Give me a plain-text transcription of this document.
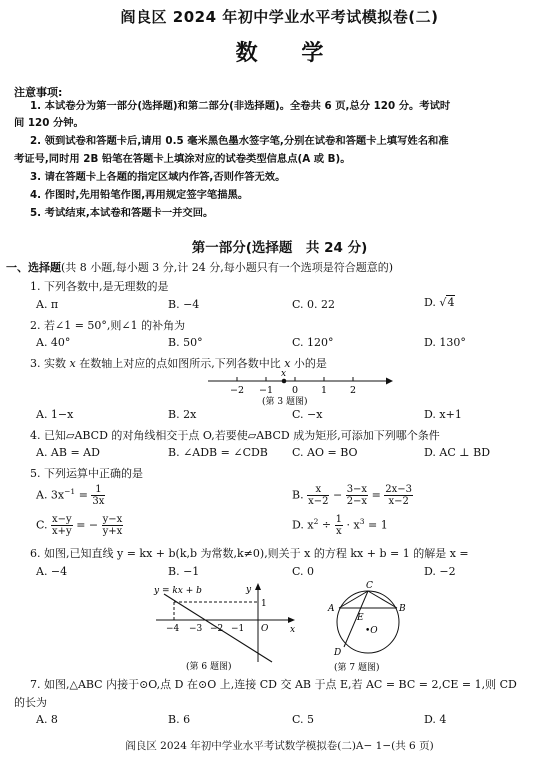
阎良区 2024 年初中学业水平考试模拟卷(二)
数 学
注意事项:
1. 本试卷分为第一部分(选择题)和第二部分(非选择题)。全卷共 6 页,总分 120 分。考试时
间 120 分钟。
2. 领到试卷和答题卡后,请用 0.5 毫米黑色墨水签字笔,分别在试卷和答题卡上填写姓名和准
考证号,同时用 2B 铅笔在答题卡上填涂对应的试卷类型信息点(A 或 B)。
3. 请在答题卡上各题的指定区域内作答,否则作答无效。
4. 作图时,先用铅笔作图,再用规定签字笔描黑。
5. 考试结束,本试卷和答题卡一并交回。
第一部分(选择题　共 24 分)
一、选择题(共 8 小题,每小题 3 分,计 24 分,每小题只有一个选项是符合题意的)
1. 下列各数中,是无理数的是
A. π	B. −4	C. 0. 22	D. √4
2. 若∠1 = 50°,则∠1 的补角为
A. 40°	B. 50°	C. 120°	D. 130°
3. 实数 x 在数轴上对应的点如图所示,下列各数中比 x 小的是
x
−2 −1 0 1 2
(第 3 题图)
A. 1−x	B. 2x	C. −x	D. x+1
4. 已知▱ABCD 的对角线相交于点 O,若要使▱ABCD 成为矩形,可添加下列哪个条件
A. AB = AD	B. ∠ADB = ∠CDB C. AO = BO	D. AC ⊥ BD
5. 下列运算中正确的是
A. $3x^{-1} = \frac{1}{3x}$	B. $\frac{x}{x-2} - \frac{3-x}{2-x} = \frac{2x-3}{x-2}$
C. $\frac{x-y}{x+y}$ = − $\frac{y-x}{y+x}$	D. $x^2 \div \frac{1}{x} \cdot x^3 = 1$
6. 如图,已知直线 y = kx + b(k,b 为常数,k≠0),则关于 x 的方程 kx + b = 1 的解是 x =
A. −4	B. −1	C. 0	D. −2
y = kx + b	y
x
1
O
−4 −3 −2 −1
(第 6 题图)
A	B
C
D
E
•O
(第 7 题图)
7. 如图,△ABC 内接于⊙O,点 D 在⊙O 上,连接 CD 交 AB 于点 E,若 AC = BC = 2,CE = 1,则 CD
的长为
A. 8	B. 6	C. 5	D. 4
阎良区 2024 年初中学业水平考试数学模拟卷(二)A− 1−(共 6 页)
